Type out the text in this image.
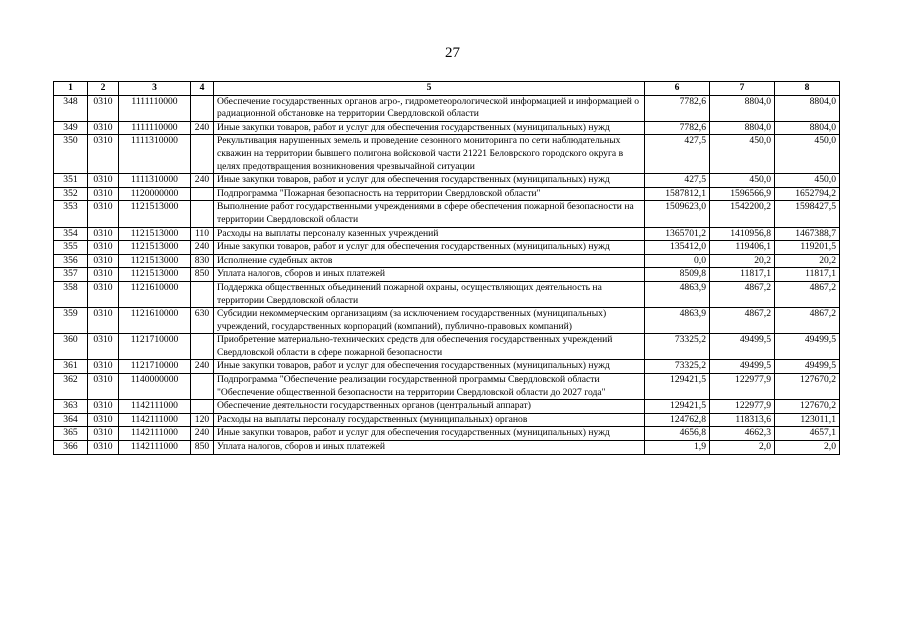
27
1	2	3	4	5	6	7	8
348	0310	1111110000		Обеспечение государственных органов агро-, гидрометеорологической информацией и информацией о радиационной обстановке на территории Свердловской области	7782,6	8804,0	8804,0
349	0310	1111110000	240	Иные закупки товаров, работ и услуг для обеспечения государственных (муниципальных) нужд	7782,6	8804,0	8804,0
350	0310	1111310000		Рекультивация нарушенных земель и проведение сезонного мониторинга по сети наблюдательных скважин на территории бывшего полигона войсковой части 21221 Беловрского городского округа в целях предотвращения возникновения чрезвычайной ситуации	427,5	450,0	450,0
351	0310	1111310000	240	Иные закупки товаров, работ и услуг для обеспечения государственных (муниципальных) нужд	427,5	450,0	450,0
352	0310	1120000000		Подпрограмма "Пожарная безопасность на территории Свердловской области"	1587812,1	1596566,9	1652794,2
353	0310	1121513000		Выполнение работ государственными учреждениями в сфере обеспечения пожарной безопасности на территории Свердловской области	1509623,0	1542200,2	1598427,5
354	0310	1121513000	110	Расходы на выплаты персоналу казенных учреждений	1365701,2	1410956,8	1467388,7
355	0310	1121513000	240	Иные закупки товаров, работ и услуг для обеспечения государственных (муниципальных) нужд	135412,0	119406,1	119201,5
356	0310	1121513000	830	Исполнение судебных актов	0,0	20,2	20,2
357	0310	1121513000	850	Уплата налогов, сборов и иных платежей	8509,8	11817,1	11817,1
358	0310	1121610000		Поддержка общественных объединений пожарной охраны, осуществляющих деятельность на территории Свердловской области	4863,9	4867,2	4867,2
359	0310	1121610000	630	Субсидии некоммерческим организациям (за исключением государственных (муниципальных) учреждений, государственных корпораций (компаний), публично-правовых компаний)	4863,9	4867,2	4867,2
360	0310	1121710000		Приобретение материально-технических средств для обеспечения государственных учреждений Свердловской области в сфере пожарной безопасности	73325,2	49499,5	49499,5
361	0310	1121710000	240	Иные закупки товаров, работ и услуг для обеспечения государственных (муниципальных) нужд	73325,2	49499,5	49499,5
362	0310	1140000000		Подпрограмма "Обеспечение реализации государственной программы Свердловской области "Обеспечение общественной безопасности на территории Свердловской области до 2027 года"	129421,5	122977,9	127670,2
363	0310	1142111000		Обеспечение деятельности государственных органов (центральный аппарат)	129421,5	122977,9	127670,2
364	0310	1142111000	120	Расходы на выплаты персоналу государственных (муниципальных) органов	124762,8	118313,6	123011,1
365	0310	1142111000	240	Иные закупки товаров, работ и услуг для обеспечения государственных (муниципальных) нужд	4656,8	4662,3	4657,1
366	0310	1142111000	850	Уплата налогов, сборов и иных платежей	1,9	2,0	2,0
